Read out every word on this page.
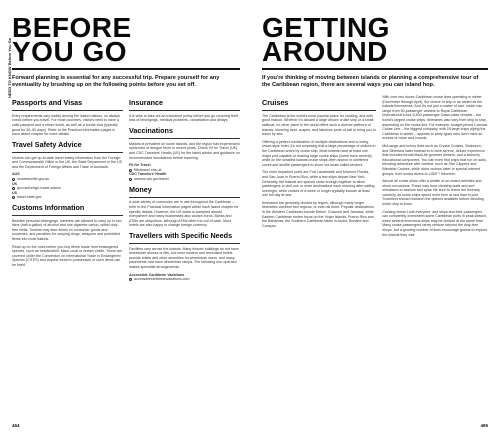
NEED TO KNOW Before You Go
BEFORE
YOU GO
Forward planning is essential for any successful trip. Prepare yourself for any eventuality by brushing up on the following points before you set off.
Passports and Visas

Entry requirements vary widely among the island nations, so always check before you travel. For most countries, visitors need to have a valid passport and a return ticket, as well as a tourist visa (typically good for 30–90 days). Refer to the Practical Information pages in each island chapter for more details.

Travel Safety Advice

Visitors can get up-to-date travel safety information from the Foreign and Commonwealth Office in the UK, the State Department in the US and the Department of Foreign Affairs and Trade in Australia.

AUS
smartraveller.gov.au
UK
gov.uk/foreign-travel-advice
US
travel.state.gov
Customs Information

Besides personal belongings, travelers are allowed to carry up to two liters (half a gallon) of alcohol and one cigarette carton, within duty-free limits. Tourists may face duties on consumer goods and souvenirs, and penalties for carrying drugs, weapons and prohibited items into most islands.

Read up on the rules before you buy items made from endangered species, such as tortoiseshell, black coral or certain shells. These are covered under the Convention on International Trade in Endangered Species (CITES) and anyone found in possession of such items can be fined.

Insurance

It is wise to take out an insurance policy before you go covering theft, loss of belongings, medical problems, cancellation and delays.

Vaccinations

Malaria is prevalent on some islands, and the region has experienced epidemics of dengue fever in recent years. Check Fit for Travel (UK) and CDC Travelers' Health (US) for the latest advice and guidance on recommended inoculations before traveling.

Fit for Travel
fitfortravel.nhs.uk
CDC Travelers' Health
wwwnc.cdc.gov/travel
Money

A wide variety of currencies are in use throughout the Caribbean – refer to the Practical Information pages within each island chapter for specific details. However, the US dollar is accepted almost everywhere and many businesses also accept euros. Banks and ATMs are ubiquitous, although ATMs often run out of cash. Most hotels are also happy to change foreign currency.

Travellers with Specific Needs

Facilities vary across the islands. Many historic buildings do not have wheelchair access or lifts, but most modern and renovated hotels provide toilets and other amenities for wheelchair users, and many pavements now have wheelchair ramps. The following tour operator makes specialist arrangements:

Accessible Caribbean Vacations
accessiblecaribbeanvacations.com
464
GETTING
AROUND
If you're thinking of moving between islands or planning a comprehensive tour of the Caribbean region, there are several ways you can island hop.
Cruises

The Caribbean is the world's most popular place for cruising, and with good reason. Whether it's aboard a large deluxe cruise ship or a small sailboat, no other place in the world offers such a diverse plethora of islands, stunning land- scapes, and fabulous ports of call to bring you to travel by sea.

Offering a perfect combination of multiple destinations and a roving resort-style hotel, it's not surprising that a large percentage of visitors to the Caribbean arrive by cruise ship. Most islands have at least one major port capable of docking large cruise ships (some have several), while on the smallest islands cruise ships often anchor in sheltered coves and shuttle passengers to shore via boats called tenders.

The main departure ports are Fort Lauderdale and Miami in Florida, and San Juan in Puerto Rico, while a few ships depart New York. Generally, the islands are spaced close enough together to allow passengers to visit one or more destinations each morning after sailing overnight, while cruises of a week or longer typically include at least one full day at sea.

Itineraries are generally divided by region, although many longer itineraries combine two regions, or even all three. Popular destinations in the Western Caribbean include Belize, Cozumel and Jamaica, while Eastern Caribbean routes focus on the Virgin Islands, Puerto Rico and the Bahamas; the Southern Caribbean takes in Aruba, Bonaire and Curaçao.

With over two dozen Caribbean cruise lines operating in winter (December through April), the choice of ship is as varied as the islands themselves. And it's not just a matter of size, which can range from 50-passenger vessels to Royal Caribbean International's four 5,500-passenger Oasis-class vessels – the world's largest cruise ships. Itineraries also vary from ship to ship, depending on the cruise line. For example, budget-priced Carnival Cruise Line – the biggest company, with 24 large ships plying the Caribbean in winter – appeals to party types who don't mind an excess of noise and crowds.

Mid-range and luxury lines such as Crystal Cruises, Seabourn, and Silversea cater instead to a more serene, deluxe experience that includes formal black-tie gourmet dinners, and a leisurely educational component. You can even find ships that run on sails, blending adventure with comfort, such as Star Clippers and Windstar Cruises, while niche cruises cater to special-interest groups, from scuba divers to LGBT+ travelers.

Almost all cruise ships offer a wealth of on-board activities and shore excursions. These vary from climbing walls and surf simulators to casinos and spas. Be sure to check the itinerary carefully, as some ships spend more time at sea than in port. Travellers should research the options available before deciding which ship to book.

Cruising doesn't suit everyone, and ships and their passengers can completely overwhelm some Caribbean ports in peak season, when several enormous ships may be docked at the same time. Many cruise passengers rarely venture beyond the duty-free shops, but a growing number of lines encourage guests to explore the islands they visit.

465
